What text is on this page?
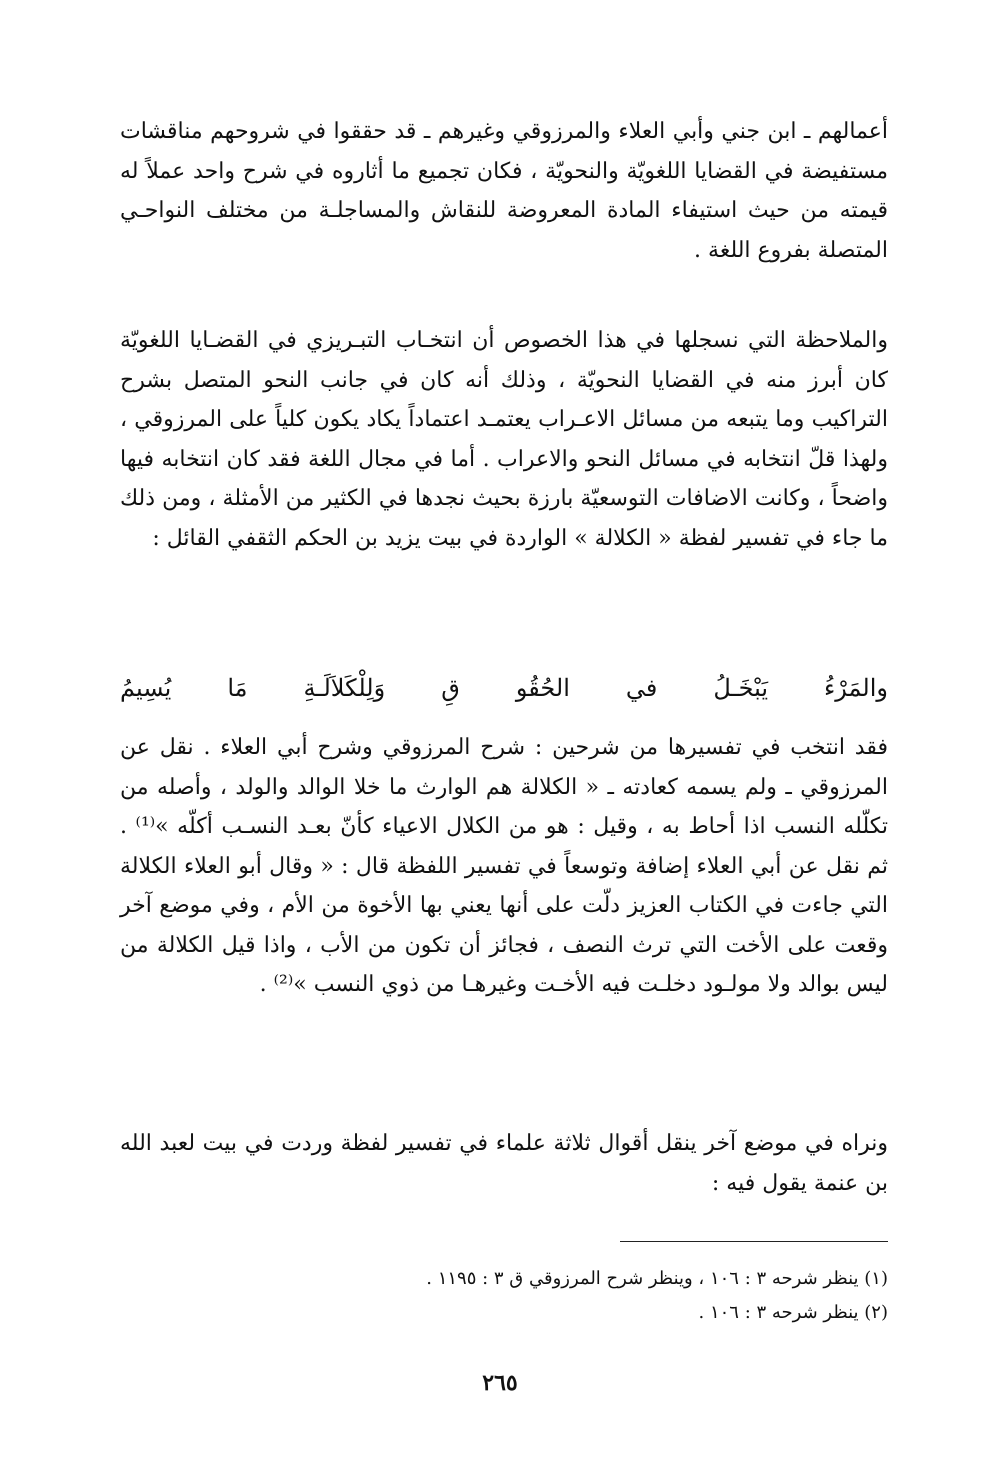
أعمالهم ـ ابن جني وأبي العلاء والمرزوقي وغيرهم ـ قد حققوا في شروحهم مناقشات مستفيضة في القضايا اللغويّة والنحويّة ، فكان تجميع ما أثاروه في شرح واحد عملاً له قيمته من حيث استيفاء المادة المعروضة للنقاش والمساجلـة من مختلف النواحـي المتصلة بفروع اللغة .

والملاحظة التي نسجلها في هذا الخصوص أن انتخـاب التبـريزي في القضـايا اللغويّة كان أبرز منه في القضايا النحويّة ، وذلك أنه كان في جانب النحو المتصل بشرح التراكيب وما يتبعه من مسائل الاعـراب يعتمـد اعتماداً يكاد يكون كلياً على المرزوقي ، ولهذا قلّ انتخابه في مسائل النحو والاعراب . أما في مجال اللغة فقد كان انتخابه فيها واضحاً ، وكانت الاضافات التوسعيّة بارزة بحيث نجدها في الكثير من الأمثلة ، ومن ذلك ما جاء في تفسير لفظة « الكلالة » الواردة في بيت يزيد بن الحكم الثقفي القائل :

والمَرْءُ
يَبْخَـلُ
في
الحُقُو
قِ
وَلِلْكَلاَلَـةِ
مَا
يُسِيمُ

فقد انتخب في تفسيرها من شرحين : شرح المرزوقي وشرح أبي العلاء . نقل عن المرزوقي ـ ولم يسمه كعادته ـ « الكلالة هم الوارث ما خلا الوالد والولد ، وأصله من تكلّله النسب اذا أحاط به ، وقيل : هو من الكلال الاعياء كأنّ بعـد النسـب أكلّه »⁽¹⁾ . ثم نقل عن أبي العلاء إضافة وتوسعاً في تفسير اللفظة قال : « وقال أبو العلاء الكلالة التي جاءت في الكتاب العزيز دلّت على أنها يعني بها الأخوة من الأم ، وفي موضع آخر وقعت على الأخت التي ترث النصف ، فجائز أن تكون من الأب ، واذا قيل الكلالة من ليس بوالد ولا مولـود دخلـت فيه الأخـت وغيرهـا من ذوي النسب »⁽²⁾ .

ونراه في موضع آخر ينقل أقوال ثلاثة علماء في تفسير لفظة وردت في بيت لعبد الله بن عنمة يقول فيه :

(١) ينظر شرحه ٣ : ١٠٦ ، وينظر شرح المرزوقي ق ٣ : ١١٩٥ .
(٢) ينظر شرحه ٣ : ١٠٦ .
٢٦٥
